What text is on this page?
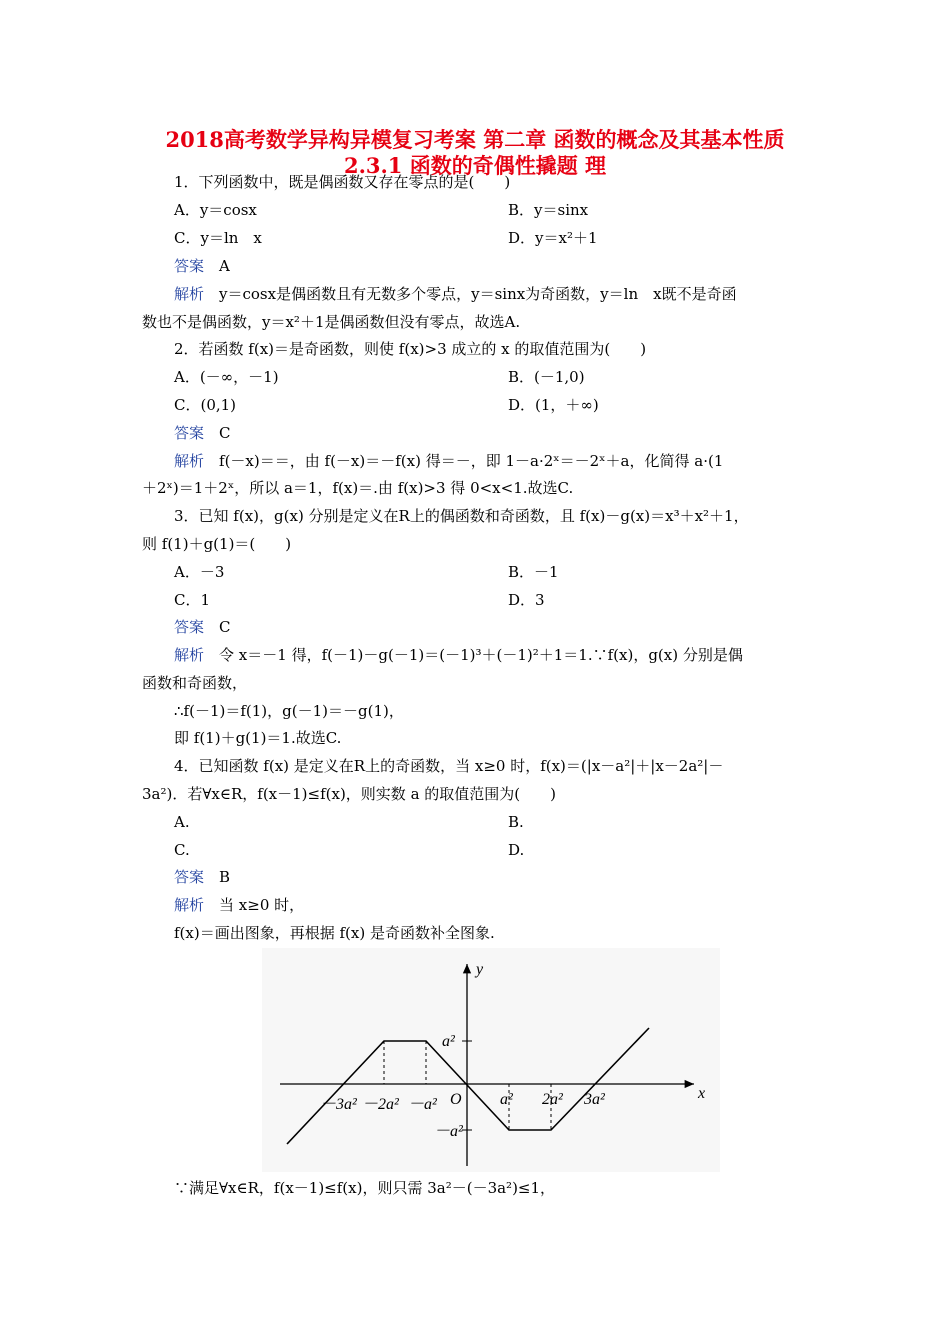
2018高考数学异构异模复习考案 第二章 函数的概念及其基本性质
2.3.1 函数的奇偶性撬题 理
1．下列函数中，既是偶函数又存在零点的是(　　)
A．y＝cosx	B．y＝sinx
C．y＝ln　x	D．y＝x²＋1
答案　 A
解析　 y＝cosx是偶函数且有无数多个零点，y＝sinx为奇函数，y＝ln　x既不是奇函
数也不是偶函数，y＝x²＋1是偶函数但没有零点，故选A.
2．若函数 f(x)＝是奇函数，则使 f(x)>3 成立的 x 的取值范围为(　　)
A．(－∞，－1)	B．(－1,0)
C．(0,1)	D．(1，＋∞)
答案　 C
解析　 f(－x)＝＝，由 f(－x)＝－f(x) 得＝－，即 1－a·2ˣ＝－2ˣ＋a，化简得 a·(1
＋2ˣ)＝1＋2ˣ，所以 a＝1，f(x)＝.由 f(x)>3 得 0<x<1.故选C.
3．已知 f(x)，g(x) 分别是定义在R上的偶函数和奇函数，且 f(x)－g(x)＝x³＋x²＋1，
则 f(1)＋g(1)＝(　　)
A．－3	B．－1
C．1	D．3
答案　 C
解析　 令 x＝－1 得，f(－1)－g(－1)＝(－1)³＋(－1)²＋1＝1.∵f(x)，g(x) 分别是偶
函数和奇函数，
∴f(－1)＝f(1)，g(－1)＝－g(1)，
即 f(1)＋g(1)＝1.故选C.
4．已知函数 f(x) 是定义在R上的奇函数，当 x≥0 时，f(x)＝(|x－a²|＋|x－2a²|－
3a²)．若∀x∈R，f(x－1)≤f(x)，则实数 a 的取值范围为(　　)
A.	B.
C.	D.
答案　 B
解析　 当 x≥0 时，
f(x)＝画出图象，再根据 f(x) 是奇函数补全图象.
y
x
O
－3a² －2a² －a²	a² 2a² 3a²
a²
－a²
∵满足∀x∈R，f(x－1)≤f(x)，则只需 3a²－(－3a²)≤1，
